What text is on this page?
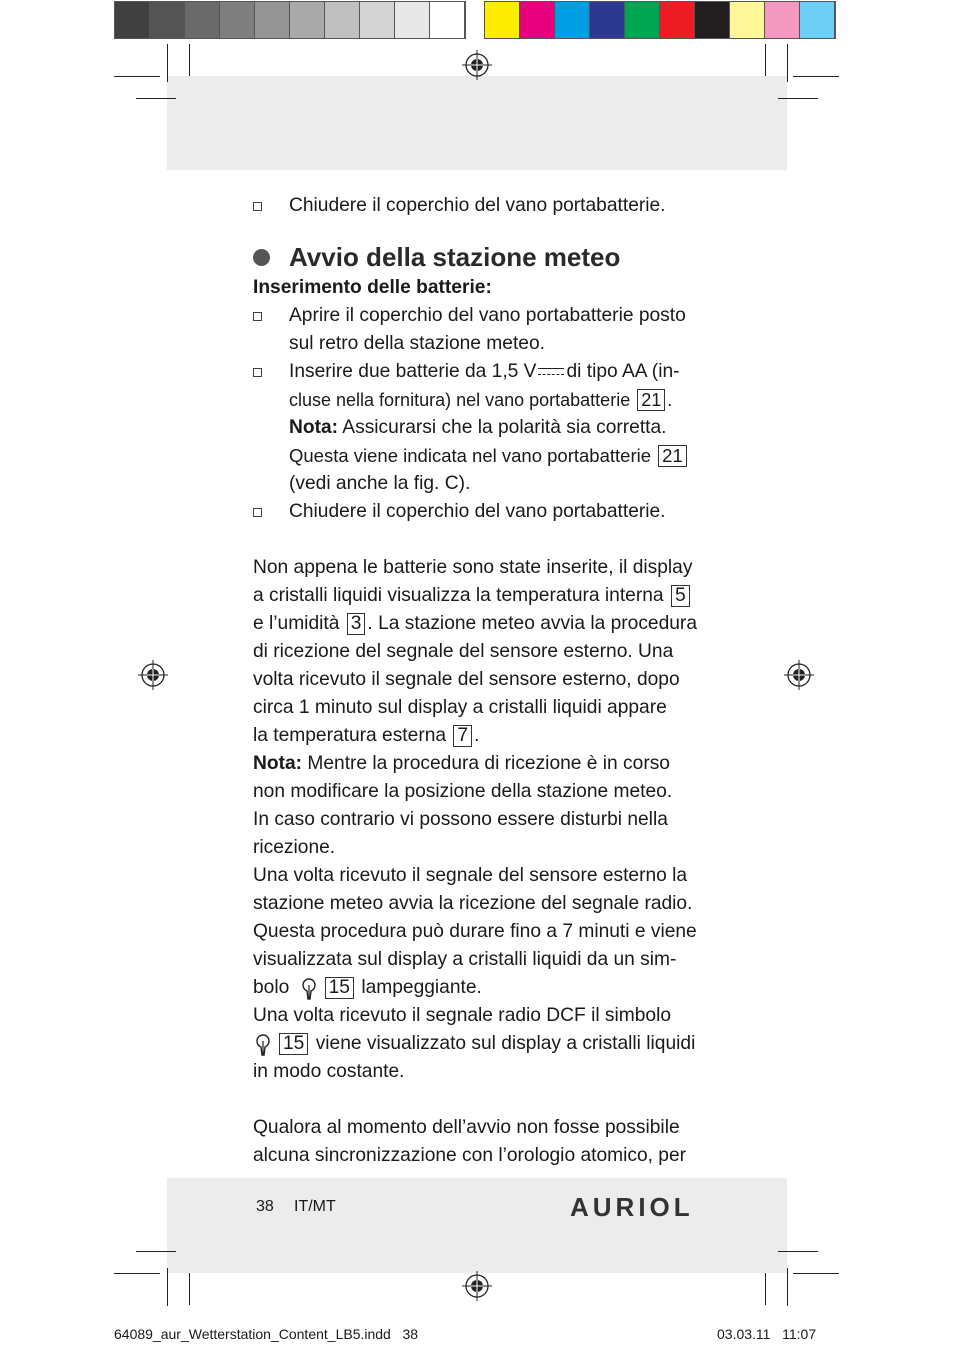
Chiudere il coperchio del vano portabatterie.
Avvio della stazione meteo
Inserimento delle batterie:
Aprire il coperchio del vano portabatterie posto
sul retro della stazione meteo.
Inserire due batterie da 1,5 V di tipo AA (in-
cluse nella fornitura) nel vano portabatterie 21 .
Nota: Assicurarsi che la polarità sia corretta.
Questa viene indicata nel vano portabatterie 21
(vedi anche la fig. C).
Chiudere il coperchio del vano portabatterie.
Non appena le batterie sono state inserite, il display
a cristalli liquidi visualizza la temperatura interna 5
e l’umidità 3 . La stazione meteo avvia la procedura
di ricezione del segnale del sensore esterno. Una
volta ricevuto il segnale del sensore esterno, dopo
circa 1 minuto sul display a cristalli liquidi appare
la temperatura esterna 7 .
Nota: Mentre la procedura di ricezione è in corso
non modificare la posizione della stazione meteo.
In caso contrario vi possono essere disturbi nella
ricezione.
Una volta ricevuto il segnale del sensore esterno la
stazione meteo avvia la ricezione del segnale radio.
Questa procedura può durare fino a 7 minuti e viene
visualizzata sul display a cristalli liquidi da un sim-
bolo 15 lampeggiante.
Una volta ricevuto il segnale radio DCF il simbolo
15 viene visualizzato sul display a cristalli liquidi
in modo costante.
Qualora al momento dell’avvio non fosse possibile
alcuna sincronizzazione con l’orologio atomico, per
38 IT/MT	AURIOL
64089_aur_Wetterstation_Content_LB5.indd   38	03.03.11   11:07
